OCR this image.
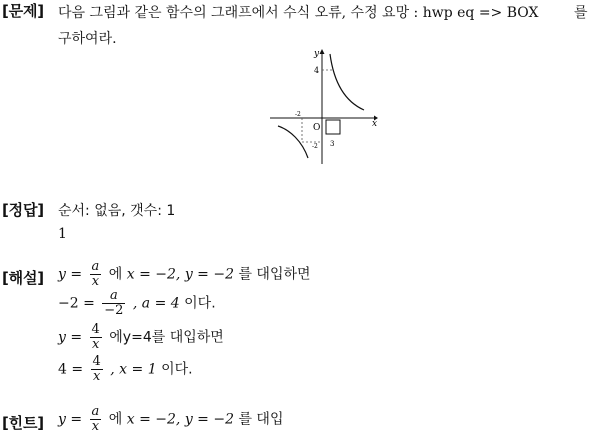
[문제] 다음 그림과 같은 함수의 그래프에서 수식 오류, 수정 요망 : hwp eq => BOX	를
구하여라.
x
y
O
4
3
-2
-2
[정답] 순서: 없음, 갯수: 1
1
[해설] $y = \frac{a}{x}$ 에 x = −2, y = −2 를 대입하면
$-2 = \frac{a}{-2}$ , a = 4 이다.
$y = \frac{4}{x}$ 에y=4를 대입하면
$4 = \frac{4}{x}$ , x = 1 이다.
[힌트] $y = \frac{a}{x}$ 에 x = −2, y = −2 를 대입
